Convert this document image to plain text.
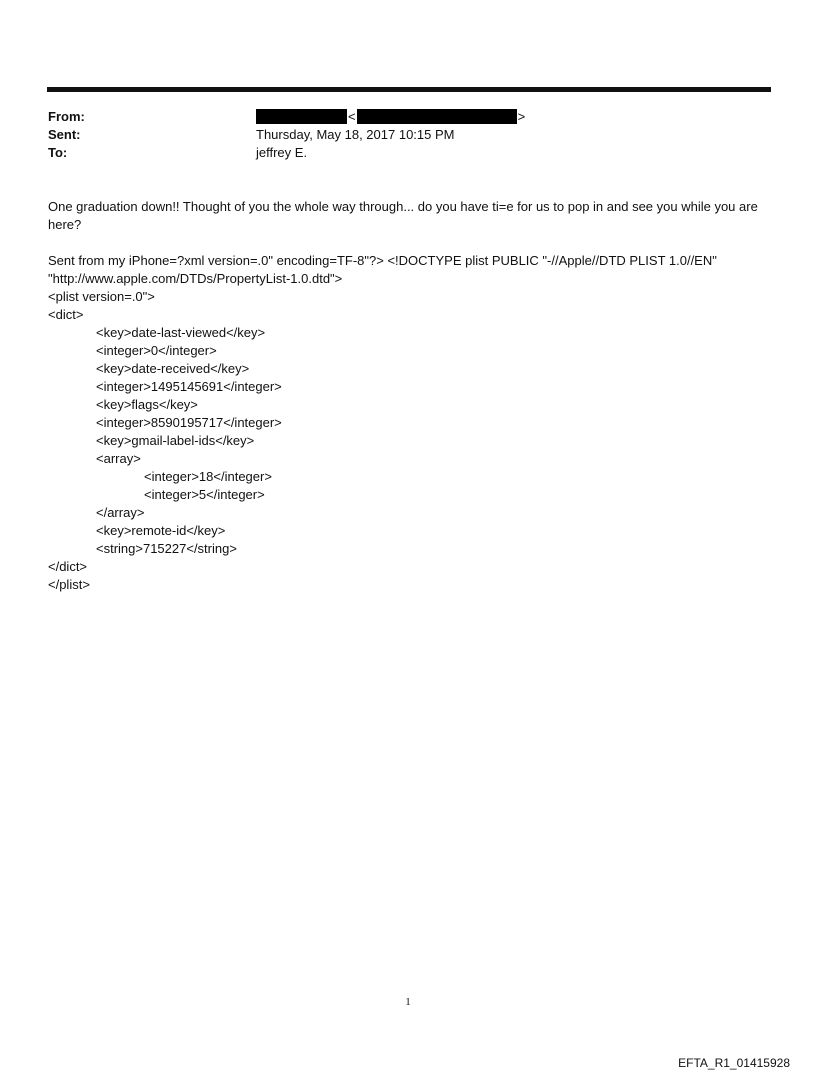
From:	<	>
Sent:	Thursday, May 18, 2017 10:15 PM
To:	jeffrey E.

One graduation down!! Thought of you the whole way through... do you have ti=e for us to pop in and see you while you are here?

Sent from my iPhone=?xml version=.0" encoding=TF-8"?> <!DOCTYPE plist PUBLIC "-//Apple//DTD PLIST 1.0//EN"
"http://www.apple.com/DTDs/PropertyList-1.0.dtd">
<plist version=.0">
<dict>
<key>date-last-viewed</key>
<integer>0</integer>
<key>date-received</key>
<integer>1495145691</integer>
<key>flags</key>
<integer>8590195717</integer>
<key>gmail-label-ids</key>
<array>
<integer>18</integer>
<integer>5</integer>
</array>
<key>remote-id</key>
<string>715227</string>
</dict>
</plist>
1
EFTA_R1_01415928
